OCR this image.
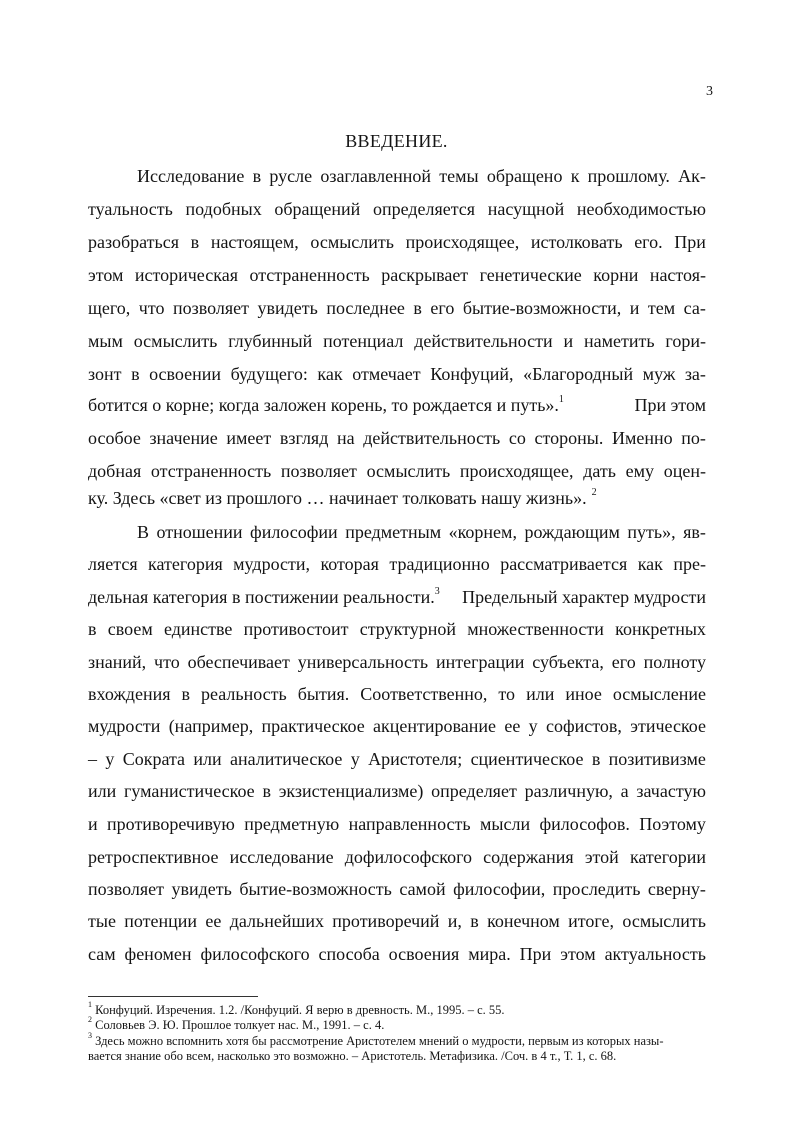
3
ВВЕДЕНИЕ.
Исследование в русле озаглавленной темы обращено к прошлому. Ак-
туальность подобных обращений определяется насущной необходимостью
разобраться в настоящем, осмыслить происходящее, истолковать его. При
этом историческая отстраненность раскрывает генетические корни настоя-
щего, что позволяет увидеть последнее в его бытие-возможности, и тем са-
мым осмыслить глубинный потенциал действительности и наметить гори-
зонт в освоении будущего: как отмечает Конфуций, «Благородный муж за-
ботится о корне; когда заложен корень, то рождается и путь».$^1$	При этом
особое значение имеет взгляд на действительность со стороны. Именно по-
добная отстраненность позволяет осмыслить происходящее, дать ему оцен-
ку. Здесь «свет из прошлого … начинает толковать нашу жизнь». $^2$
В отношении философии предметным «корнем, рождающим путь», яв-
ляется категория мудрости, которая традиционно рассматривается как пре-
дельная категория в постижении реальности.$^3$ Предельный характер мудрости
в своем единстве противостоит структурной множественности конкретных
знаний, что обеспечивает универсальность интеграции субъекта, его полноту
вхождения в реальность бытия. Соответственно, то или иное осмысление
мудрости (например, практическое акцентирование ее у софистов, этическое
– у Сократа или аналитическое у Аристотеля; сциентическое в позитивизме
или гуманистическое в экзистенциализме) определяет различную, а зачастую
и противоречивую предметную направленность мысли философов. Поэтому
ретроспективное исследование дофилософского содержания этой категории
позволяет увидеть бытие-возможность самой философии, проследить сверну-
тые потенции ее дальнейших противоречий и, в конечном итоге, осмыслить
сам феномен философского способа освоения мира. При этом актуальность
$^1$ Конфуций. Изречения. 1.2. /Конфуций. Я верю в древность. М., 1995. – с. 55.
$^2$ Соловьев Э. Ю. Прошлое толкует нас. М., 1991. – с. 4.
$^3$ Здесь можно вспомнить хотя бы рассмотрение Аристотелем мнений о мудрости, первым из которых назы-
вается знание обо всем, насколько это возможно. – Аристотель. Метафизика. /Соч. в 4 т., Т. 1, с. 68.
